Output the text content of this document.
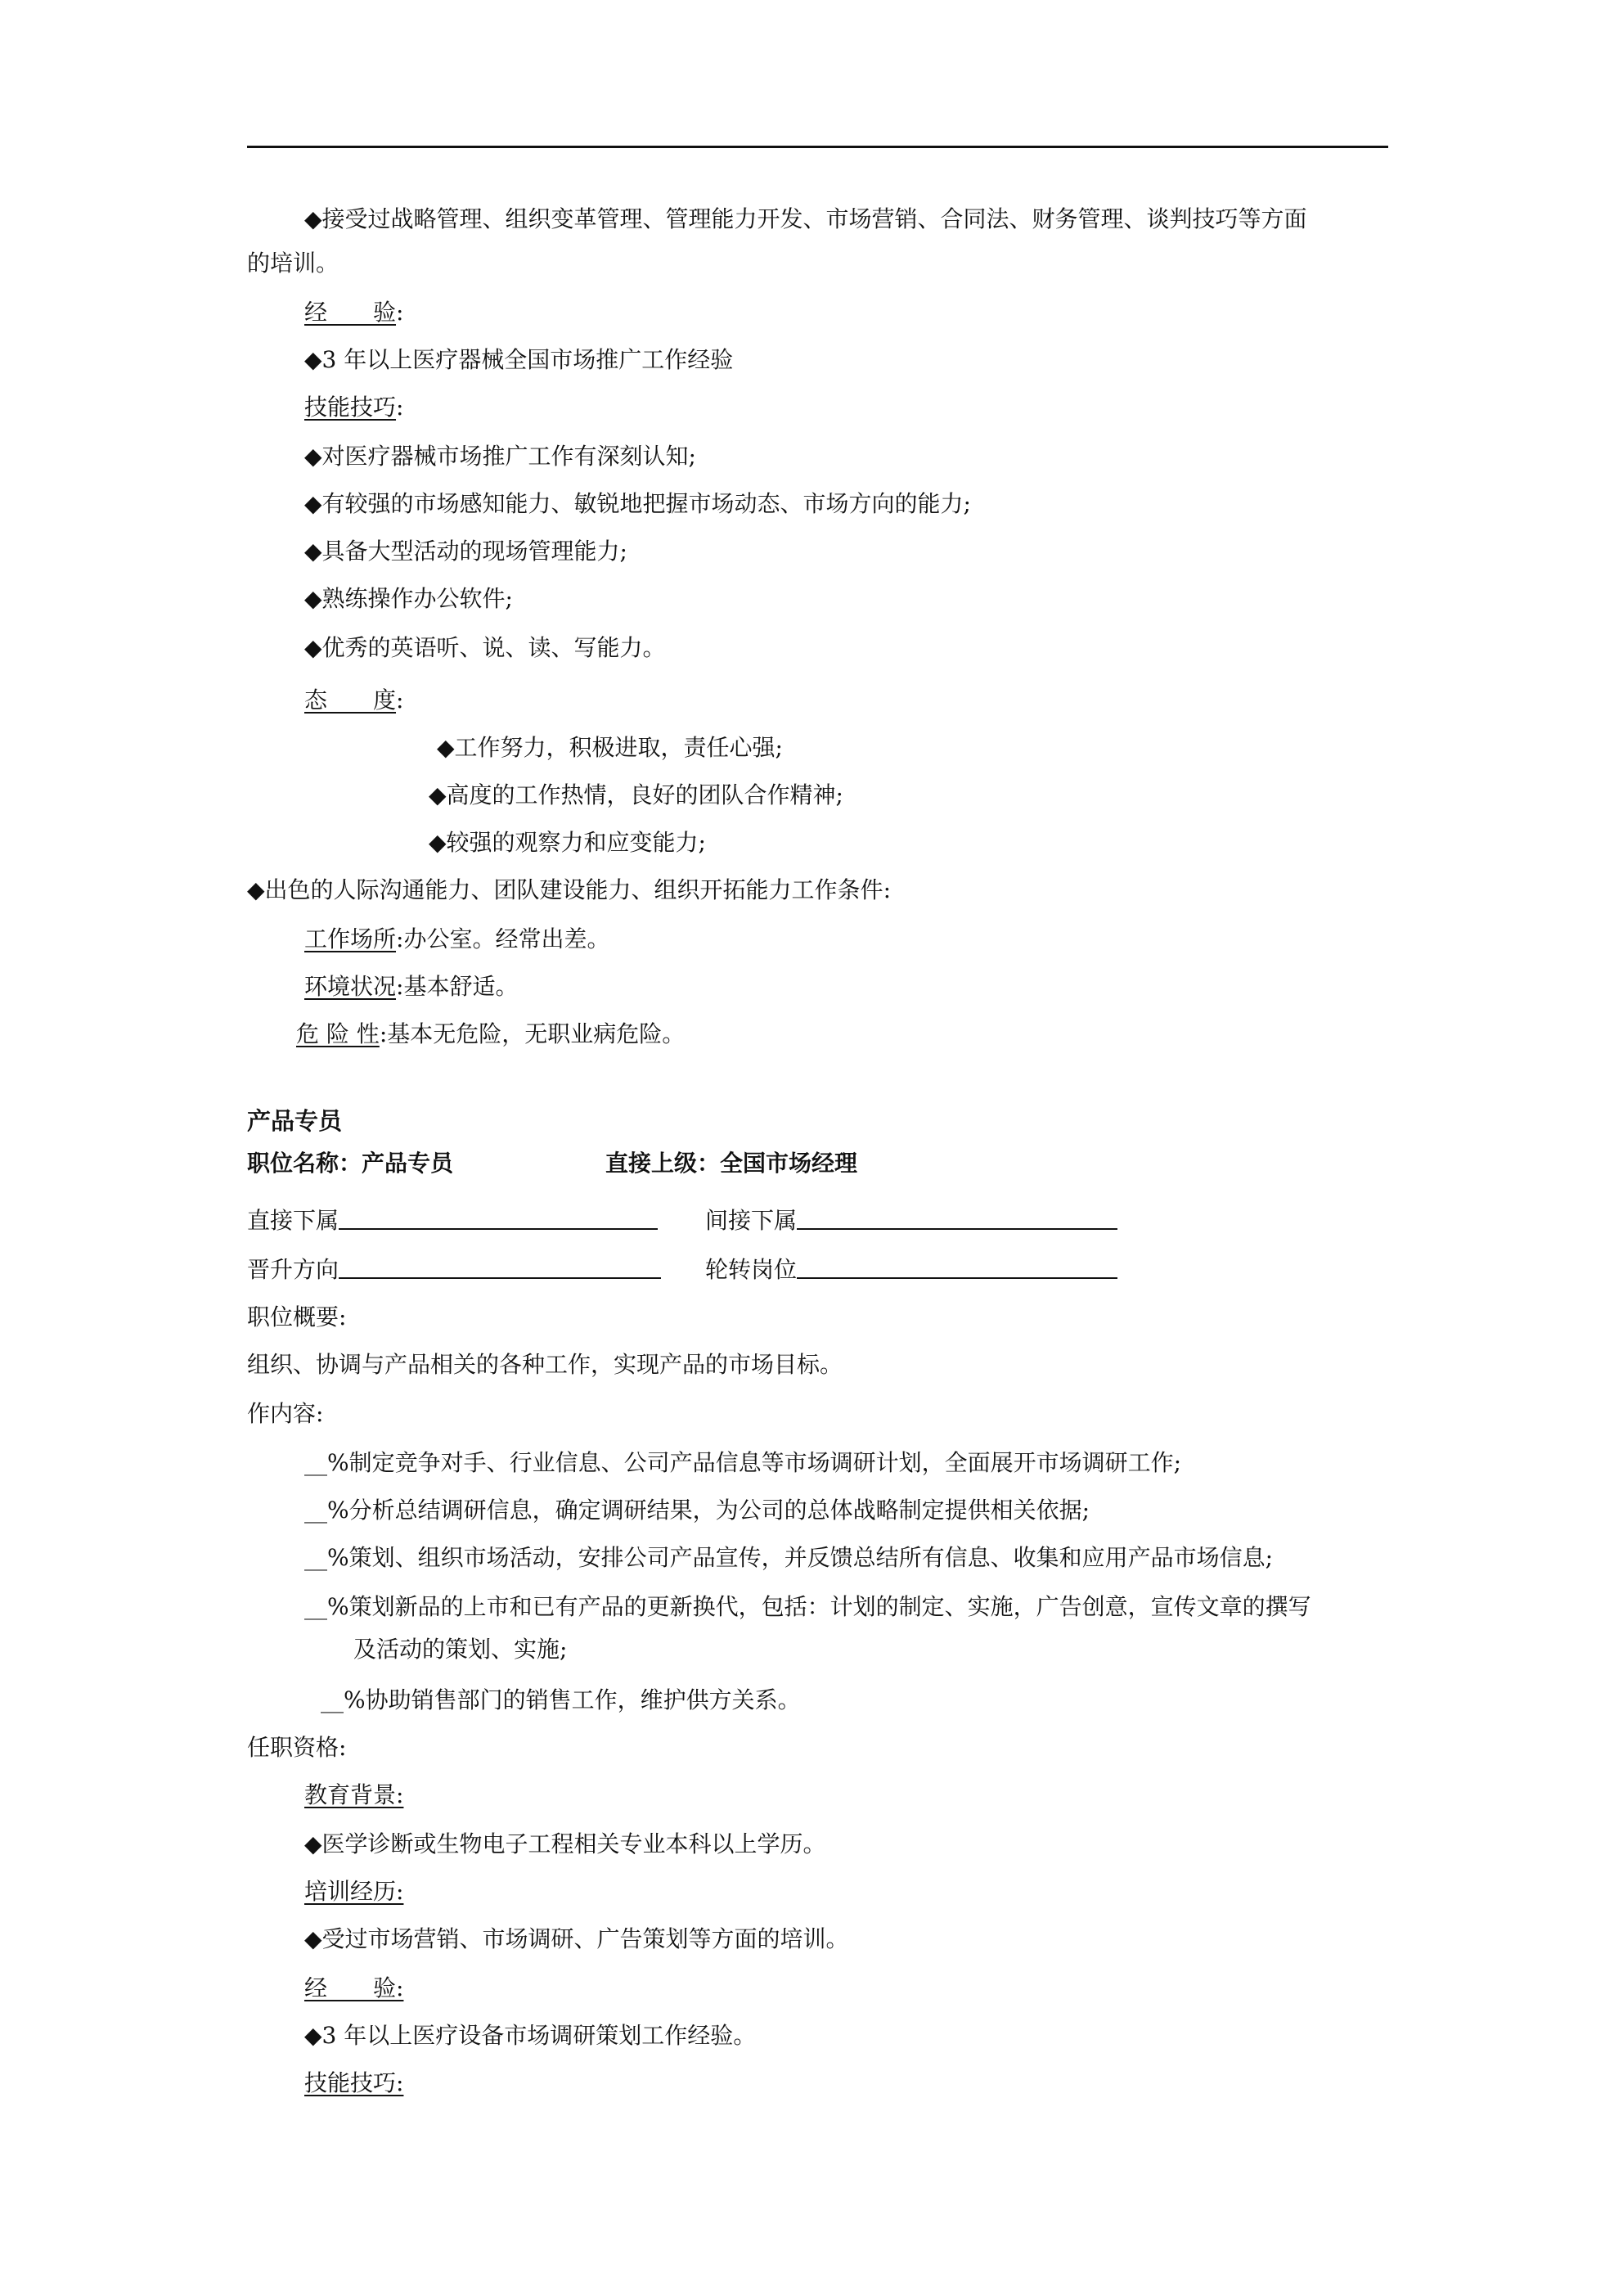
◆接受过战略管理、组织变革管理、管理能力开发、市场营销、合同法、财务管理、谈判技巧等方面
的培训。
经　　验:
◆3 年以上医疗器械全国市场推广工作经验
技能技巧:
◆对医疗器械市场推广工作有深刻认知;
◆有较强的市场感知能力、敏锐地把握市场动态、市场方向的能力;
◆具备大型活动的现场管理能力;
◆熟练操作办公软件;
◆优秀的英语听、说、读、写能力。
态　　度:
◆工作努力，积极进取，责任心强;
◆高度的工作热情，良好的团队合作精神;
◆较强的观察力和应变能力;
◆出色的人际沟通能力、团队建设能力、组织开拓能力工作条件:
工作场所:办公室。经常出差。
环境状况:基本舒适。
危 险 性:基本无危险，无职业病危险。
产品专员
职位名称：产品专员	直接上级：全国市场经理
直接下属	间接下属
晋升方向	轮转岗位
职位概要:
组织、协调与产品相关的各种工作，实现产品的市场目标。
作内容:
__%制定竞争对手、行业信息、公司产品信息等市场调研计划，全面展开市场调研工作;
__%分析总结调研信息，确定调研结果，为公司的总体战略制定提供相关依据;
__%策划、组织市场活动，安排公司产品宣传，并反馈总结所有信息、收集和应用产品市场信息;
__%策划新品的上市和已有产品的更新换代，包括：计划的制定、实施，广告创意，宣传文章的撰写
及活动的策划、实施;
__%协助销售部门的销售工作，维护供方关系。
任职资格:
教育背景:
◆医学诊断或生物电子工程相关专业本科以上学历。
培训经历:
◆受过市场营销、市场调研、广告策划等方面的培训。
经　　验:
◆3 年以上医疗设备市场调研策划工作经验。
技能技巧:
